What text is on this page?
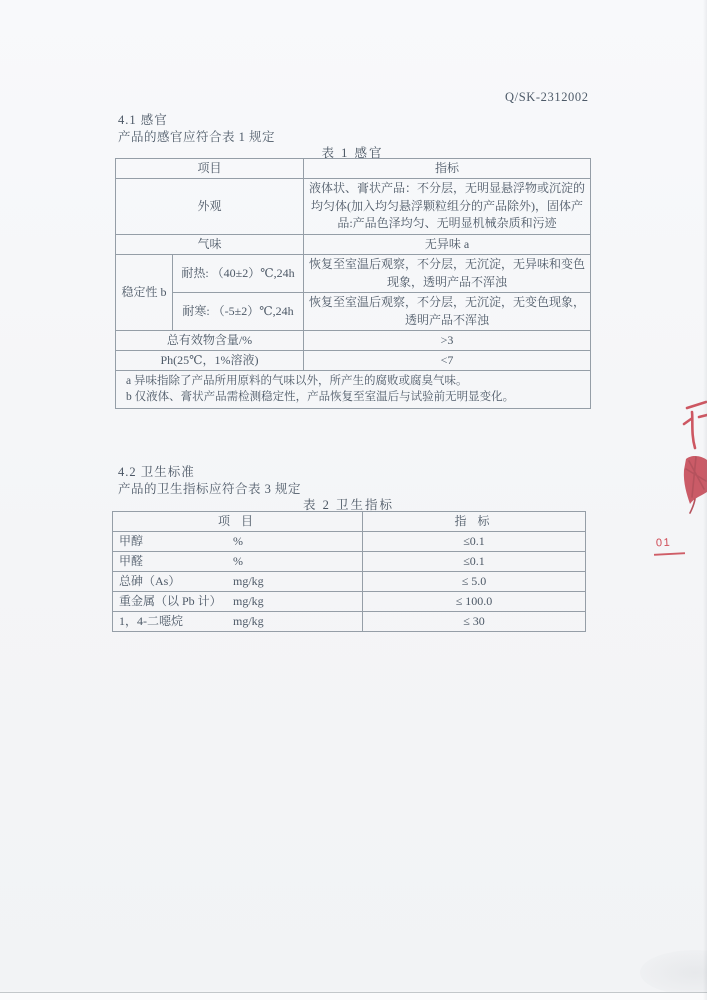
Q/SK-2312002
4.1 感官
产品的感官应符合表 1 规定
表 1 感官
项目		指标
外观		液体状、膏状产品：不分层，无明显悬浮物或沉淀的均匀体(加入均匀悬浮颗粒组分的产品除外)，固体产品:产品色泽均匀、无明显机械杂质和污迹

气味		无异味 a
稳定性 b	耐热: （40±2）℃,24h	恢复至室温后观察，不分层，无沉淀，无异味和变色现象，透明产品不浑浊

	耐寒: （-5±2）℃,24h	恢复至室温后观察，不分层，无沉淀，无变色现象，透明产品不浑浊

总有效物含量/%		>3
Ph(25℃，1%溶液)		<7

a 异味指除了产品所用原料的气味以外，所产生的腐败或腐臭气味。
b 仅液体、膏状产品需检测稳定性，产品恢复至室温后与试验前无明显变化。		
4.2 卫生标准
产品的卫生指标应符合表 3 规定
表 2 卫生指标
项 目	指 标
甲醇 %	≤0.1
甲醛 %	≤0.1
总砷（As） mg/kg	≤ 5.0
重金属（以 Pb 计） mg/kg	≤ 100.0
1，4-二噁烷 mg/kg	≤ 30
01
